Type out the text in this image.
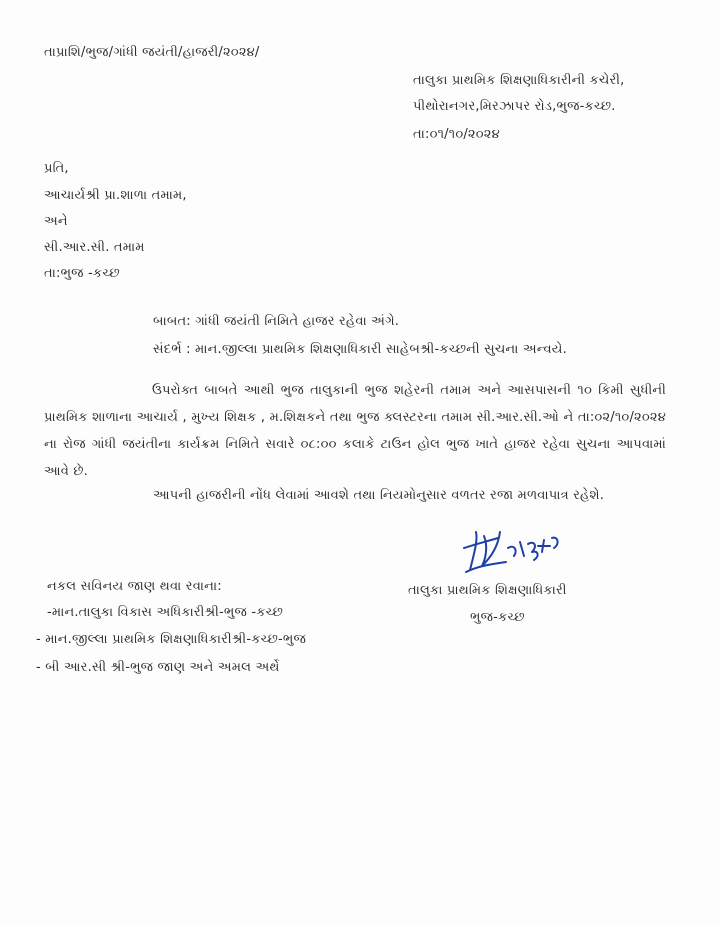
તાપ્રાશિ/ભુજ/ગાંધી જયંતી/હાજરી/૨૦૨૪/
તાલુકા પ્રાથમિક શિક્ષણાધિકારીની કચેરી,
પીથોરાનગર,મિરઝાપર રોડ,ભુજ-કચ્છ.
તા:૦૧/૧૦/૨૦૨૪
પ્રતિ,
આચાર્યશ્રી પ્રા.શાળા તમામ,
અને
સી.આર.સી. તમામ
તા:ભુજ -કચ્છ
બાબત: ગાંધી જયંતી નિમિતે હાજર રહેવા અંગે.
સંદર્ભ : માન.જીલ્લા પ્રાથમિક શિક્ષણાધિકારી સાહેબશ્રી-કચ્છની સુચના અન્વયે.
ઉપરોક્ત બાબતે આથી ભુજ તાલુકાની ભુજ શહેરની તમામ અને આસપાસની ૧૦ કિમી સુધીની પ્રાથમિક શાળાના આચાર્ય , મુખ્ય શિક્ષક , મ.શિક્ષકને તથા ભુજ ક્લસ્ટરના તમામ સી.આર.સી.ઓ ને તા:૦૨/૧૦/૨૦૨૪ ના રોજ ગાંધી જયંતીના કાર્યક્રમ નિમિતે સવારે ૦૮:૦૦ કલાકે ટાઉન હોલ ભુજ ખાતે હાજર રહેવા સુચના આપવામાં આવે છે.
આપની હાજરીની નોંધ લેવામાં આવશે તથા નિયમોનુસાર વળતર રજા મળવાપાત્ર રહેશે.
તાલુકા પ્રાથમિક શિક્ષણાધિકારી
ભુજ-કચ્છ
નકલ સવિનય જાણ થવા રવાના:
-માન.તાલુકા વિકાસ અધિકારીશ્રી-ભુજ -કચ્છ
- માન.જીલ્લા પ્રાથમિક શિક્ષણાધિકારીશ્રી-કચ્છ-ભુજ
- બી આર.સી શ્રી-ભુજ જાણ અને અમલ અર્થે
